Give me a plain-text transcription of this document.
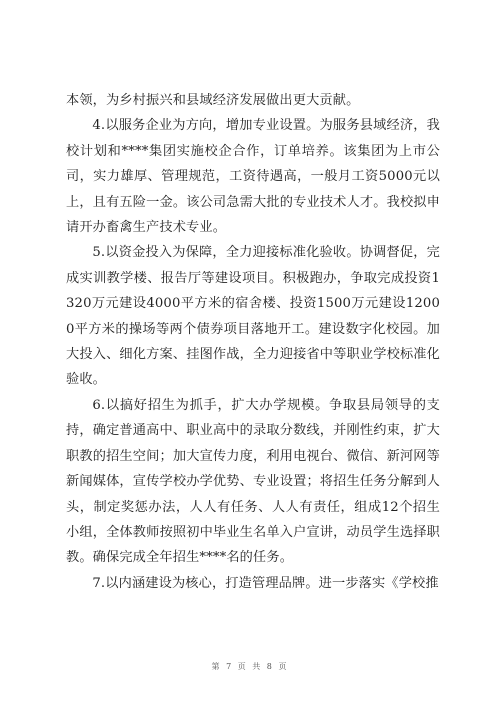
本领，为乡村振兴和县域经济发展做出更大贡献。

4.以服务企业为方向，增加专业设置。为服务县域经济，我校计划和****集团实施校企合作，订单培养。该集团为上市公司，实力雄厚、管理规范，工资待遇高，一般月工资5000元以上，且有五险一金。该公司急需大批的专业技术人才。我校拟申请开办畜禽生产技术专业。

5.以资金投入为保障，全力迎接标准化验收。协调督促，完成实训教学楼、报告厅等建设项目。积极跑办，争取完成投资1320万元建设4000平方米的宿舍楼、投资1500万元建设12000平方米的操场等两个债券项目落地开工。建设数字化校园。加大投入、细化方案、挂图作战，全力迎接省中等职业学校标准化验收。

6.以搞好招生为抓手，扩大办学规模。争取县局领导的支持，确定普通高中、职业高中的录取分数线，并刚性约束，扩大职教的招生空间；加大宣传力度，利用电视台、微信、新河网等新闻媒体，宣传学校办学优势、专业设置；将招生任务分解到人头，制定奖惩办法，人人有任务、人人有责任，组成12个招生小组，全体教师按照初中毕业生名单入户宣讲，动员学生选择职教。确保完成全年招生****名的任务。

7.以内涵建设为核心，打造管理品牌。进一步落实《学校推

第 7 页 共 8 页
